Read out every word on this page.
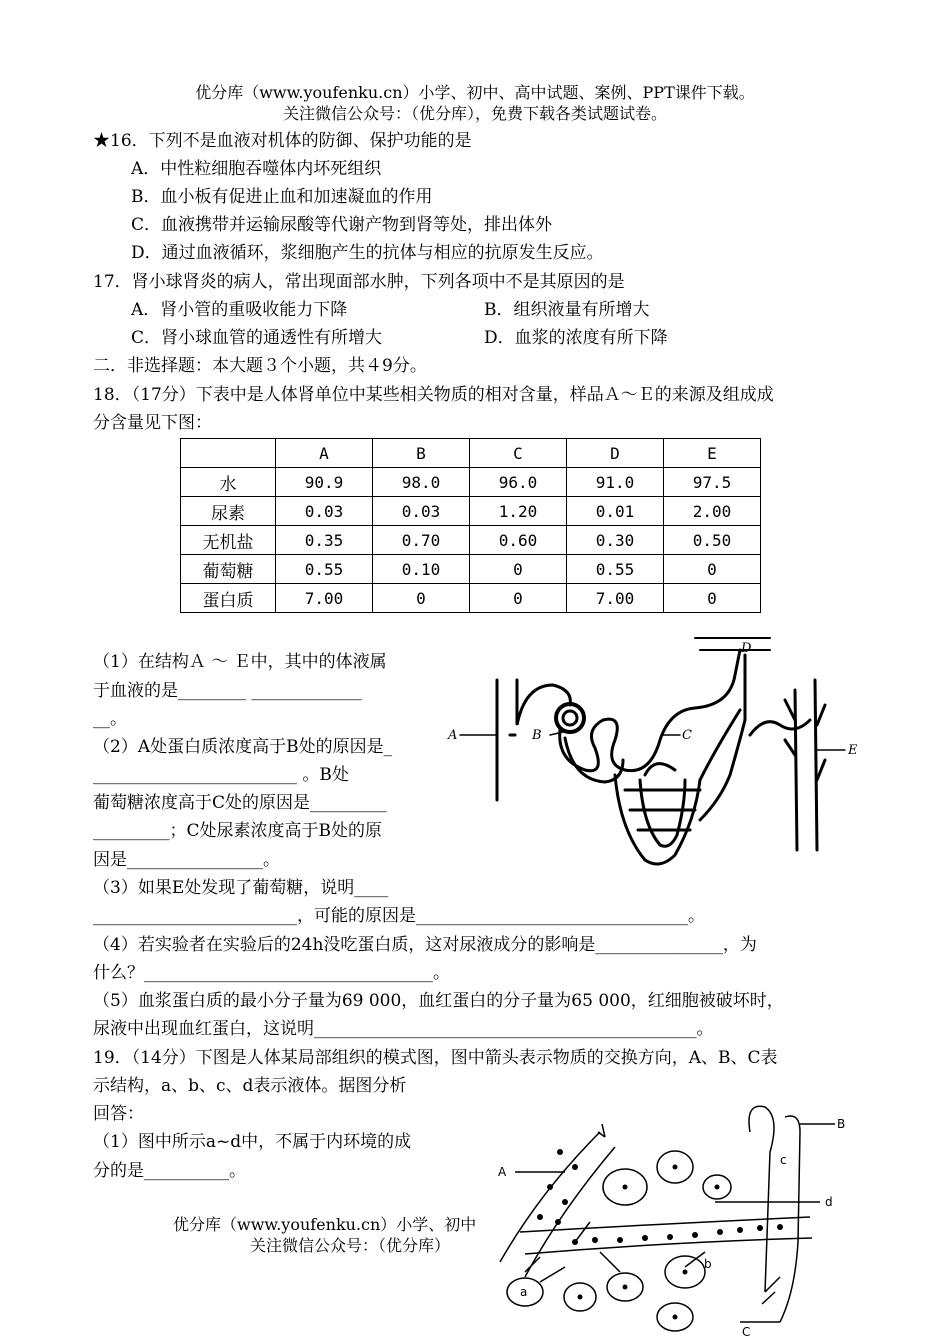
优分库（www.youfenku.cn）小学、初中、高中试题、案例、PPT课件下载。
关注微信公众号：（优分库），免费下载各类试题试卷。
★16．下列不是血液对机体的防御、保护功能的是
A．中性粒细胞吞噬体内坏死组织
B．血小板有促进止血和加速凝血的作用
C．血液携带并运输尿酸等代谢产物到肾等处，排出体外
D．通过血液循环，浆细胞产生的抗体与相应的抗原发生反应。
17．肾小球肾炎的病人，常出现面部水肿，下列各项中不是其原因的是
A．肾小管的重吸收能力下降	B．组织液量有所增大
C．肾小球血管的通透性有所增大	D．血浆的浓度有所下降
二．非选择题：本大题３个小题，共４9分。
18．（17分）下表中是人体肾单位中某些相关物质的相对含量，样品Ａ～Ｅ的来源及组成成
分含量见下图：
	A	B	C	D	E
水	90.9	98.0	96.0	91.0	97.5
尿素	0.03	0.03	1.20	0.01	2.00
无机盐	0.35	0.70	0.60	0.30	0.50
葡萄糖	0.55	0.10	0	0.55	0
蛋白质	7.00	0	0	7.00	0
（1）在结构Ａ ～ Ｅ中，其中的体液属
于血液的是________ _____________
__。
（2）A处蛋白质浓度高于B处的原因是_
________________________ 。B处
葡萄糖浓度高于C处的原因是_________
_________；C处尿素浓度高于B处的原
因是________________。
（3）如果E处发现了葡萄糖，说明____
________________________，可能的原因是________________________________。
（4）若实验者在实验后的24h没吃蛋白质，这对尿液成分的影响是_______________，为
什么？__________________________________。
（5）血浆蛋白质的最小分子量为69 000，血红蛋白的分子量为65 000，红细胞被破坏时，
尿液中出现血红蛋白，这说明_____________________________________________。
A	B	C
D
E
19．（14分）下图是人体某局部组织的模式图，图中箭头表示物质的交换方向，A、B、C表
示结构，a、b、c、d表示液体。据图分析
回答：
（1）图中所示a~d中，不属于内环境的成
分的是__________。	A
B
C
a
b
c
d
优分库（www.youfenku.cn）小学、初中
关注微信公众号：（优分库）
